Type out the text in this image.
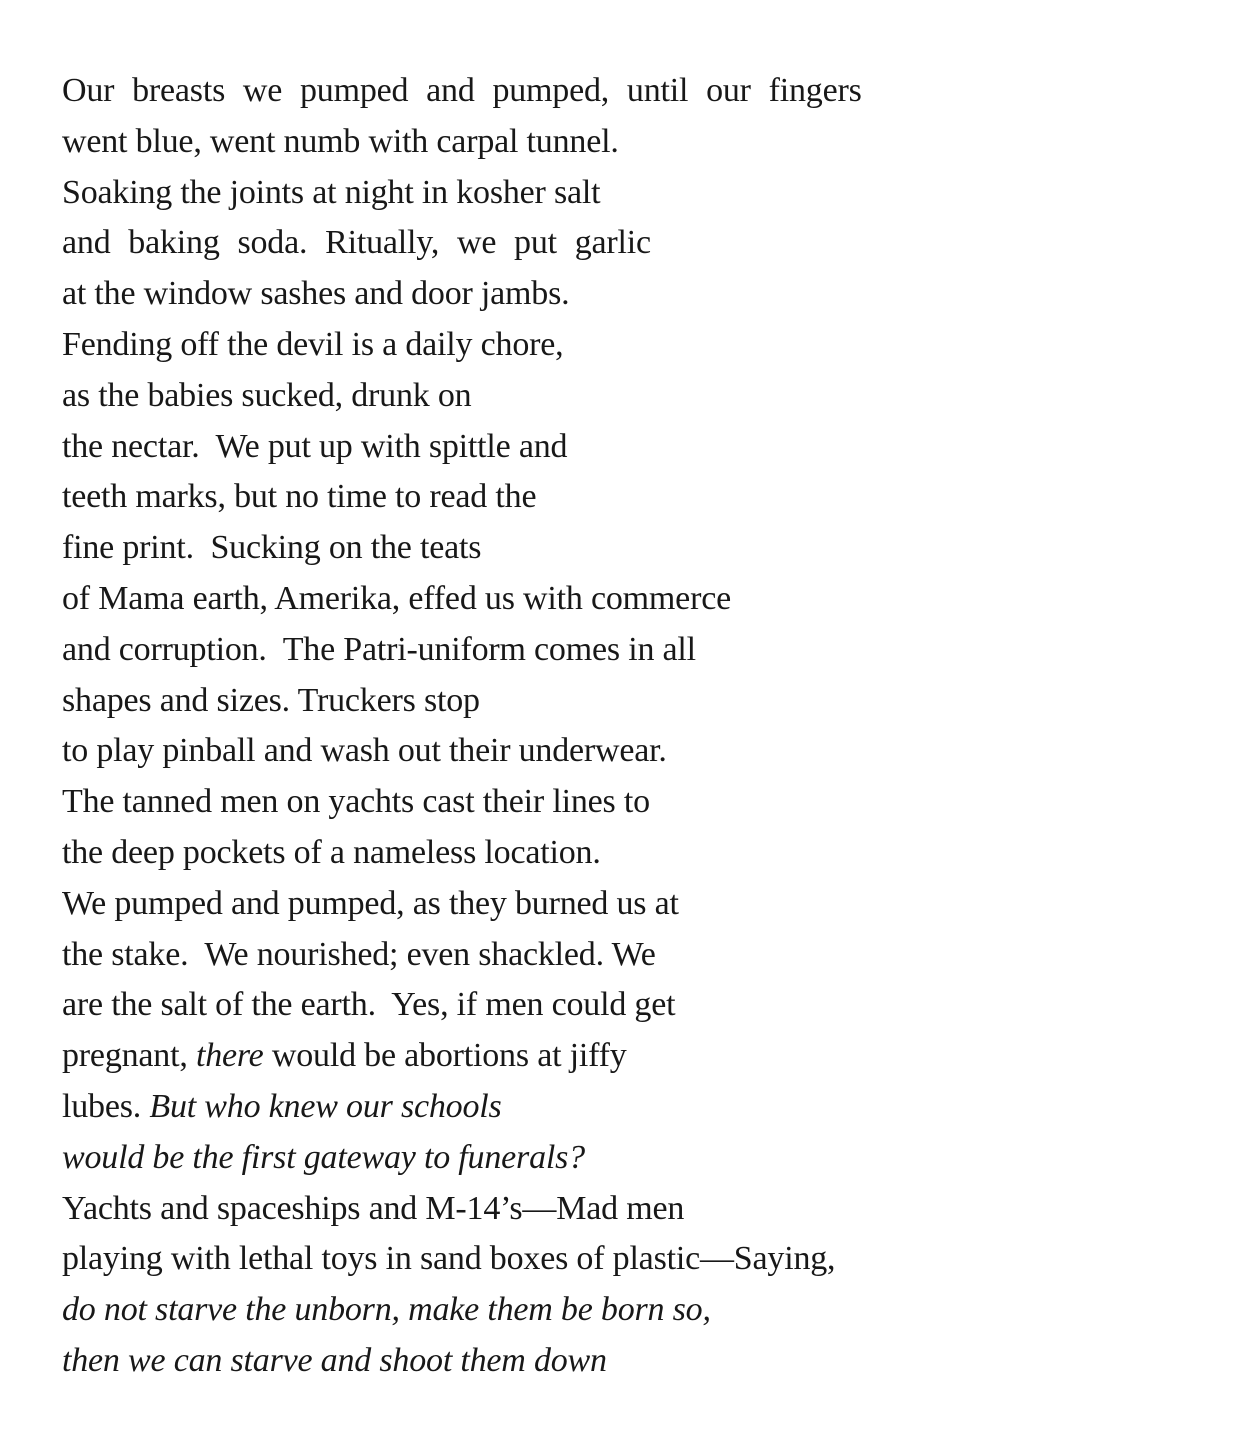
Our breasts we pumped and pumped, until our fingers

went blue, went numb with carpal tunnel.

Soaking the joints at night in kosher salt

and baking soda. Ritually, we put garlic

at the window sashes and door jambs.

Fending off the devil is a daily chore,

as the babies sucked, drunk on

the nectar.  We put up with spittle and

teeth marks, but no time to read the

fine print.  Sucking on the teats

of Mama earth, Amerika, effed us with commerce

and corruption.  The Patri-uniform comes in all

shapes and sizes. Truckers stop

to play pinball and wash out their underwear.

The tanned men on yachts cast their lines to

the deep pockets of a nameless location.

We pumped and pumped, as they burned us at

the stake.  We nourished; even shackled. We

are the salt of the earth.  Yes, if men could get

pregnant, there would be abortions at jiffy

lubes. But who knew our schools

would be the first gateway to funerals?

Yachts and spaceships and M-14’s—Mad men

playing with lethal toys in sand boxes of plastic—Saying,

do not starve the unborn, make them be born so,

then we can starve and shoot them down
